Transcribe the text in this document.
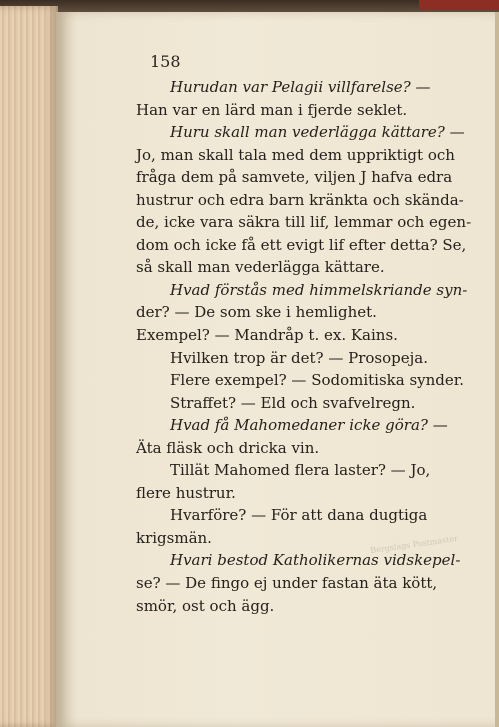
158
Bergslags Postmaster
Hurudan var Pelagii villfarelse? —
Han var en lärd man i fjerde seklet.
Huru skall man vederlägga kättare? —
Jo, man skall tala med dem uppriktigt och
fråga dem på samvete, viljen J hafva edra
hustrur och edra barn kränkta och skända-
de, icke vara säkra till lif, lemmar och egen-
dom och icke få ett evigt lif efter detta? Se,
så skall man vederlägga kättare.
Hvad förstås med himmelskriande syn-
der? — De som ske i hemlighet.
Exempel? — Mandråp t. ex. Kains.
Hvilken trop är det? — Prosopeja.
Flere exempel? — Sodomitiska synder.
Straffet? — Eld och svafvelregn.
Hvad få Mahomedaner icke göra? —
Äta fläsk och dricka vin.
Tillät Mahomed flera laster? — Jo,
flere hustrur.
Hvarföre? — För att dana dugtiga
krigsmän.
Hvari bestod Katholikernas vidskepel-
se? — De fingo ej under fastan äta kött,
smör, ost och ägg.
